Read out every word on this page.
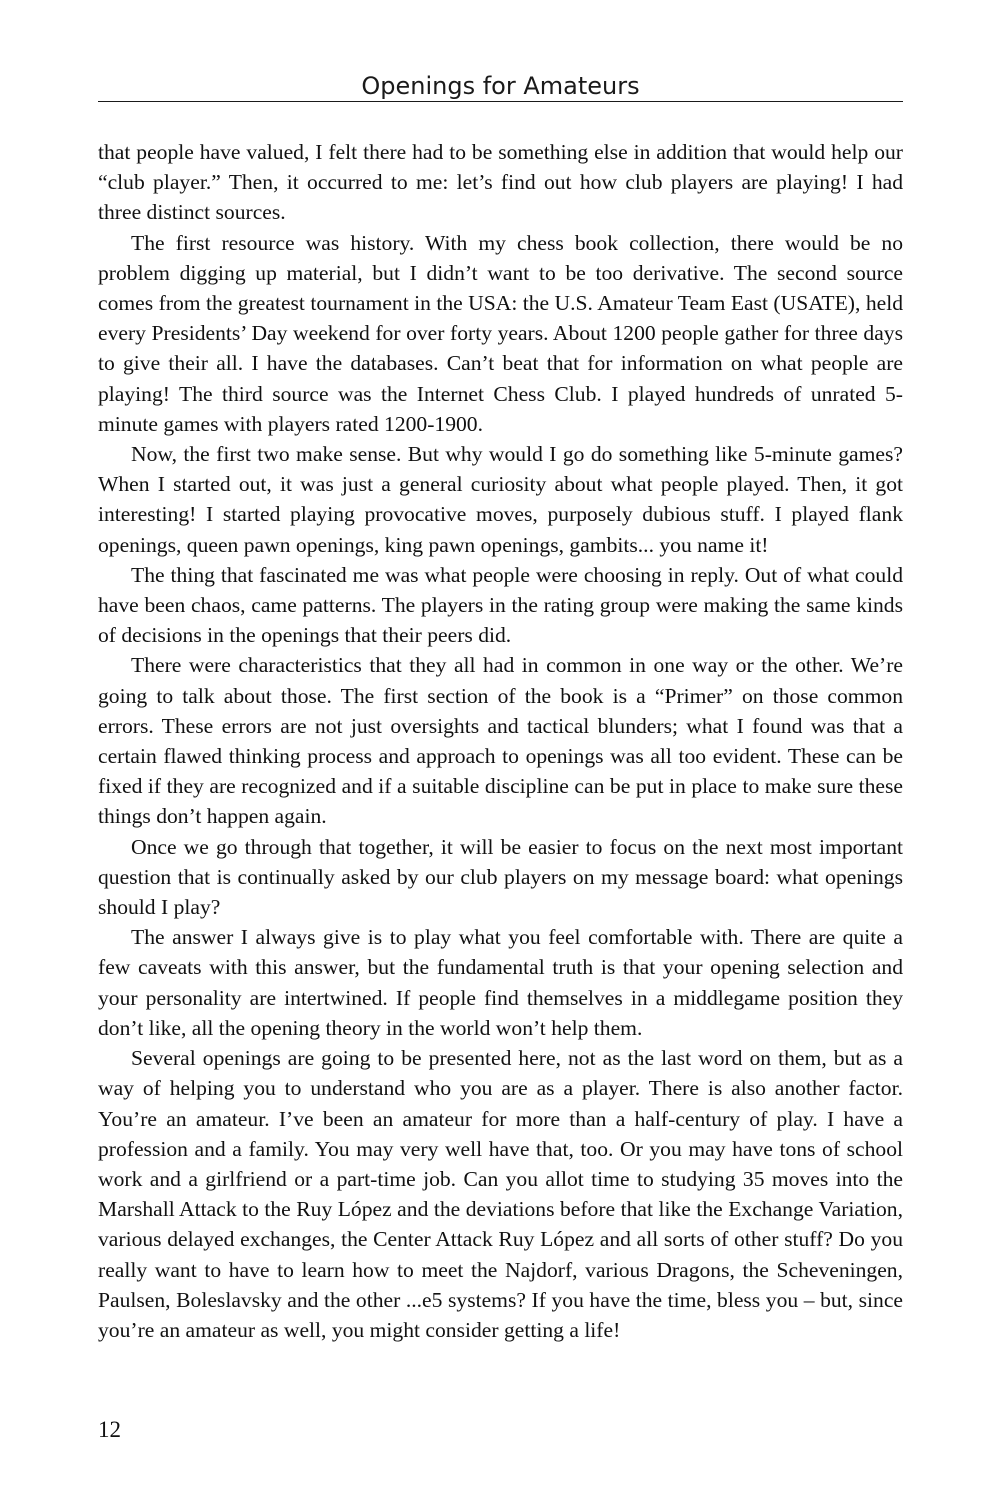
Openings for Amateurs

that people have valued, I felt there had to be something else in addition that would help our “club player.” Then, it occurred to me: let’s find out how club players are playing! I had three distinct sources.

The first resource was history. With my chess book collection, there would be no problem digging up material, but I didn’t want to be too derivative. The second source comes from the greatest tournament in the USA: the U.S. Amateur Team East (USATE), held every Presidents’ Day weekend for over forty years. About 1200 people gather for three days to give their all. I have the databases. Can’t beat that for information on what people are playing! The third source was the Internet Chess Club. I played hundreds of unrated 5-minute games with players rated 1200-1900.

Now, the first two make sense. But why would I go do something like 5-minute games? When I started out, it was just a general curiosity about what people played. Then, it got interesting! I started playing provocative moves, purposely dubious stuff. I played flank openings, queen pawn openings, king pawn openings, gambits... you name it!

The thing that fascinated me was what people were choosing in reply. Out of what could have been chaos, came patterns. The players in the rating group were making the same kinds of decisions in the openings that their peers did.

There were characteristics that they all had in common in one way or the other. We’re going to talk about those. The first section of the book is a “Primer” on those common errors. These errors are not just oversights and tactical blunders; what I found was that a certain flawed thinking process and approach to openings was all too evident. These can be fixed if they are recognized and if a suitable discipline can be put in place to make sure these things don’t happen again.

Once we go through that together, it will be easier to focus on the next most important question that is continually asked by our club players on my message board: what openings should I play?

The answer I always give is to play what you feel comfortable with. There are quite a few caveats with this answer, but the fundamental truth is that your opening selection and your personality are intertwined. If people find themselves in a middlegame position they don’t like, all the opening theory in the world won’t help them.

Several openings are going to be presented here, not as the last word on them, but as a way of helping you to understand who you are as a player. There is also another factor. You’re an amateur. I’ve been an amateur for more than a half-century of play. I have a profession and a family. You may very well have that, too. Or you may have tons of school work and a girlfriend or a part-time job. Can you allot time to studying 35 moves into the Marshall Attack to the Ruy López and the deviations before that like the Exchange Variation, various delayed exchanges, the Center Attack Ruy López and all sorts of other stuff? Do you really want to have to learn how to meet the Najdorf, various Dragons, the Scheveningen, Paulsen, Boleslavsky and the other ...e5 systems? If you have the time, bless you – but, since you’re an amateur as well, you might consider getting a life!

12
